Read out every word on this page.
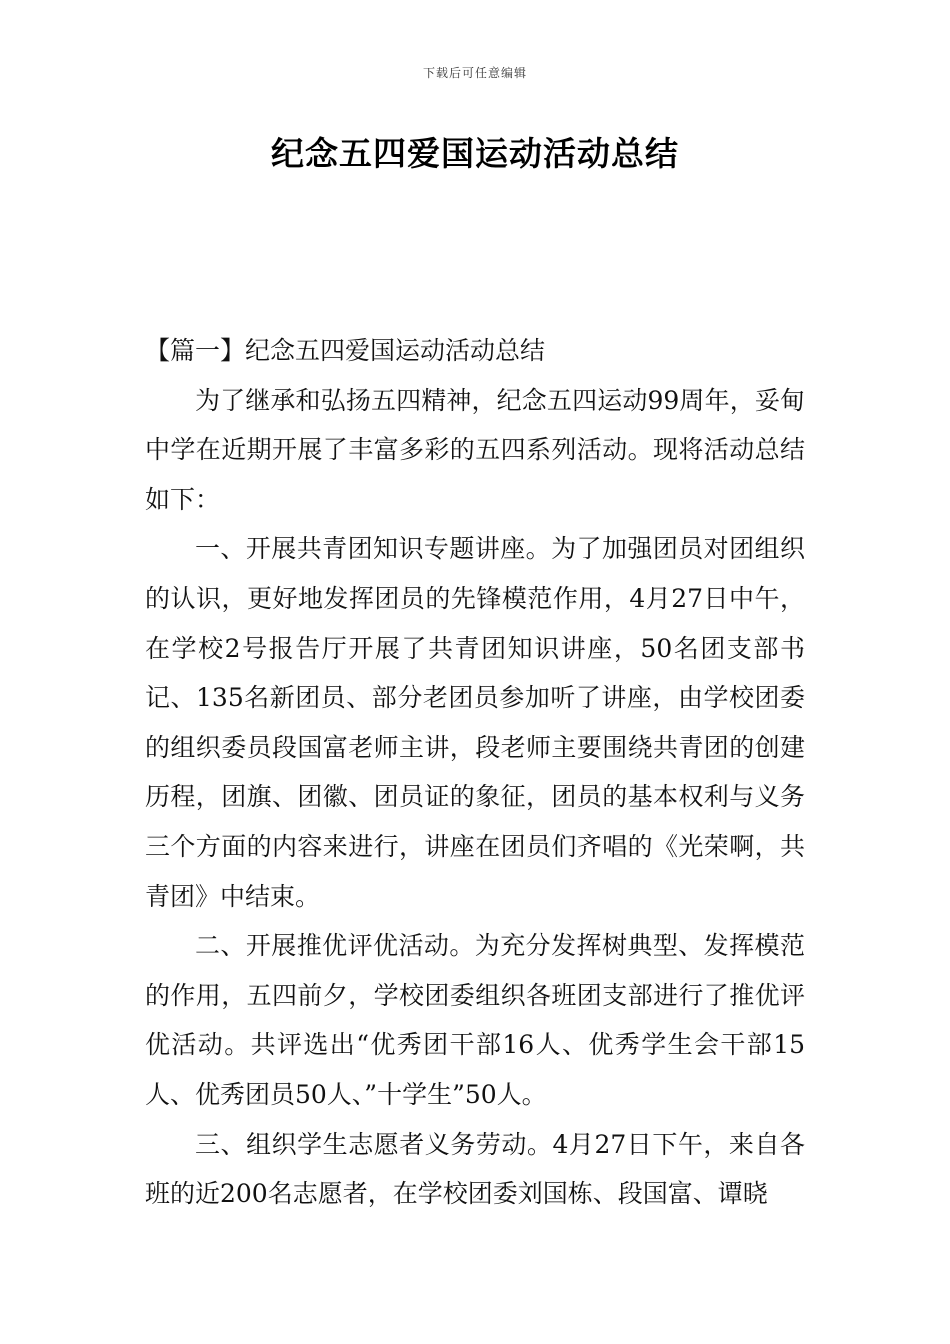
下载后可任意编辑
纪念五四爱国运动活动总结

【篇一】纪念五四爱国运动活动总结

为了继承和弘扬五四精神，纪念五四运动99周年，妥甸中学在近期开展了丰富多彩的五四系列活动。现将活动总结如下：

一、开展共青团知识专题讲座。为了加强团员对团组织的认识，更好地发挥团员的先锋模范作用，4月27日中午，在学校2号报告厅开展了共青团知识讲座，50名团支部书记、135名新团员、部分老团员参加听了讲座，由学校团委的组织委员段国富老师主讲，段老师主要围绕共青团的创建历程，团旗、团徽、团员证的象征，团员的基本权利与义务三个方面的内容来进行，讲座在团员们齐唱的《光荣啊，共青团》中结束。

二、开展推优评优活动。为充分发挥树典型、发挥模范的作用，五四前夕，学校团委组织各班团支部进行了推优评优活动。共评选出“优秀团干部16人、优秀学生会干部15人、优秀团员50人、”十学生”50人。

三、组织学生志愿者义务劳动。4月27日下午，来自各班的近200名志愿者，在学校团委刘国栋、段国富、谭晓
